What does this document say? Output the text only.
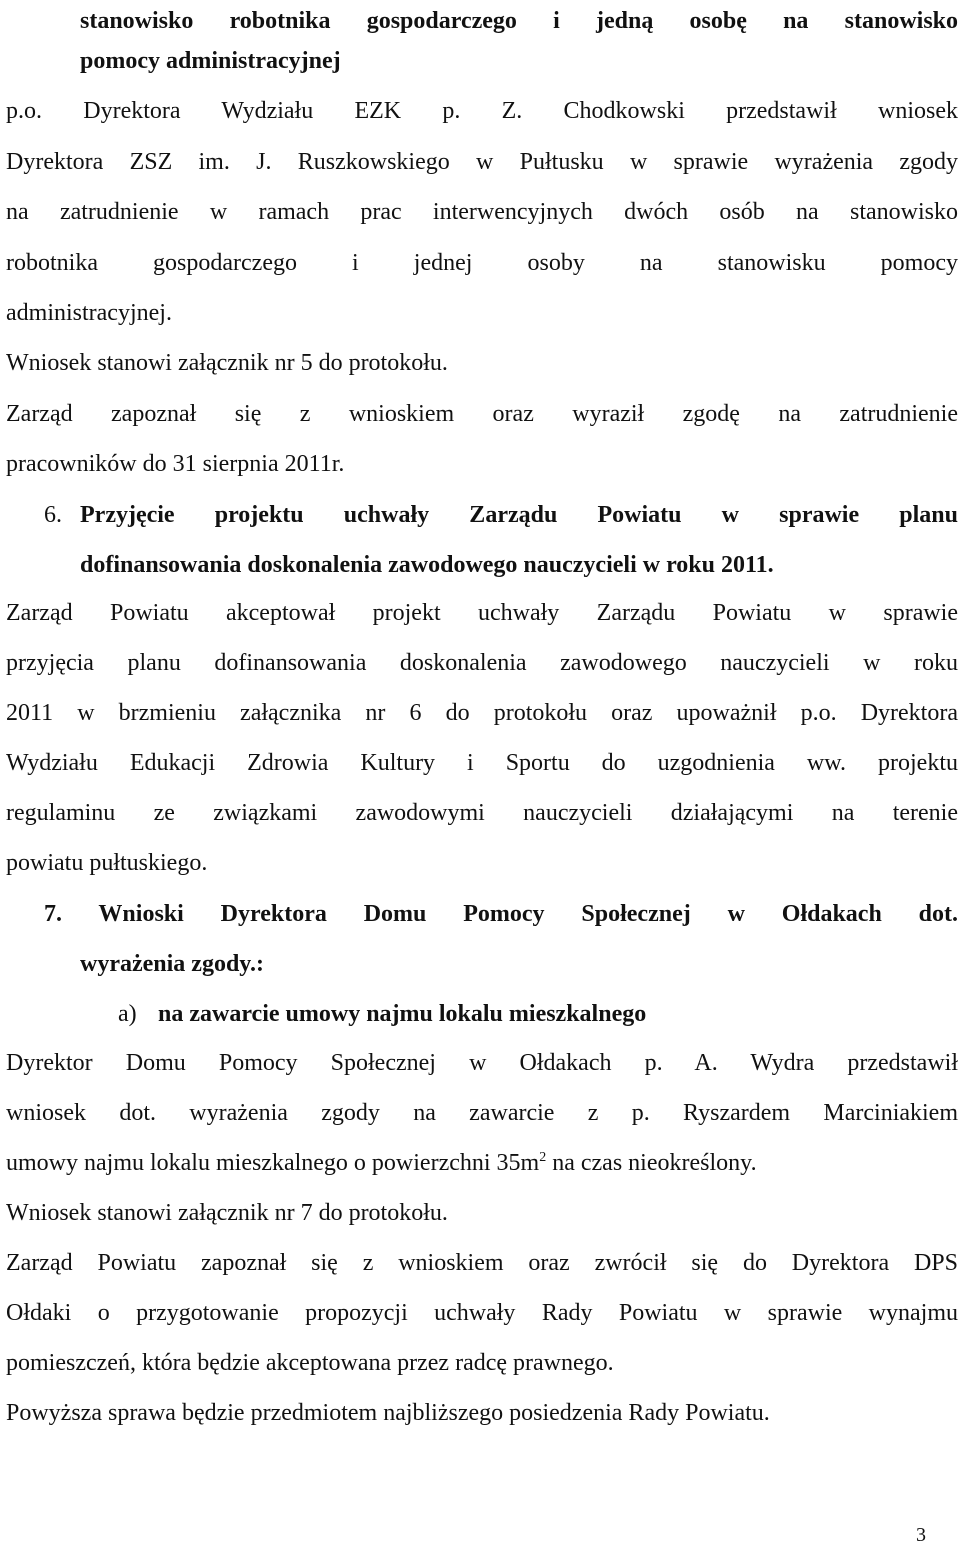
stanowisko robotnika gospodarczego i jedną osobę na stanowisko
pomocy administracyjnej
p.o. Dyrektora Wydziału EZK p. Z. Chodkowski przedstawił wniosek
Dyrektora ZSZ im. J. Ruszkowskiego w Pułtusku w sprawie wyrażenia zgody
na zatrudnienie w ramach prac interwencyjnych dwóch osób na stanowisko
robotnika gospodarczego i jednej osoby na stanowisku pomocy
administracyjnej.
Wniosek stanowi załącznik nr 5 do protokołu.
Zarząd zapoznał się z wnioskiem oraz wyraził zgodę na zatrudnienie
pracowników do 31 sierpnia 2011r.
6. Przyjęcie projektu uchwały Zarządu Powiatu w sprawie planu
dofinansowania doskonalenia zawodowego nauczycieli w roku 2011.
Zarząd Powiatu akceptował projekt uchwały Zarządu Powiatu w sprawie
przyjęcia planu dofinansowania doskonalenia zawodowego nauczycieli w roku
2011 w brzmieniu załącznika nr 6 do protokołu oraz upoważnił p.o. Dyrektora
Wydziału Edukacji Zdrowia Kultury i Sportu do uzgodnienia ww. projektu
regulaminu ze związkami zawodowymi nauczycieli działającymi na terenie
powiatu pułtuskiego.
7. Wnioski Dyrektora Domu Pomocy Społecznej w Ołdakach dot.
wyrażenia zgody.:
a) na zawarcie umowy najmu lokalu mieszkalnego
Dyrektor Domu Pomocy Społecznej w Ołdakach p. A. Wydra przedstawił
wniosek dot. wyrażenia zgody na zawarcie z p. Ryszardem Marciniakiem
umowy najmu lokalu mieszkalnego o powierzchni $35m^2$ na czas nieokreślony.
Wniosek stanowi załącznik nr 7 do protokołu.
Zarząd Powiatu zapoznał się z wnioskiem oraz zwrócił się do Dyrektora DPS
Ołdaki o przygotowanie propozycji uchwały Rady Powiatu w sprawie wynajmu
pomieszczeń, która będzie akceptowana przez radcę prawnego.
Powyższa sprawa będzie przedmiotem najbliższego posiedzenia Rady Powiatu.
3
